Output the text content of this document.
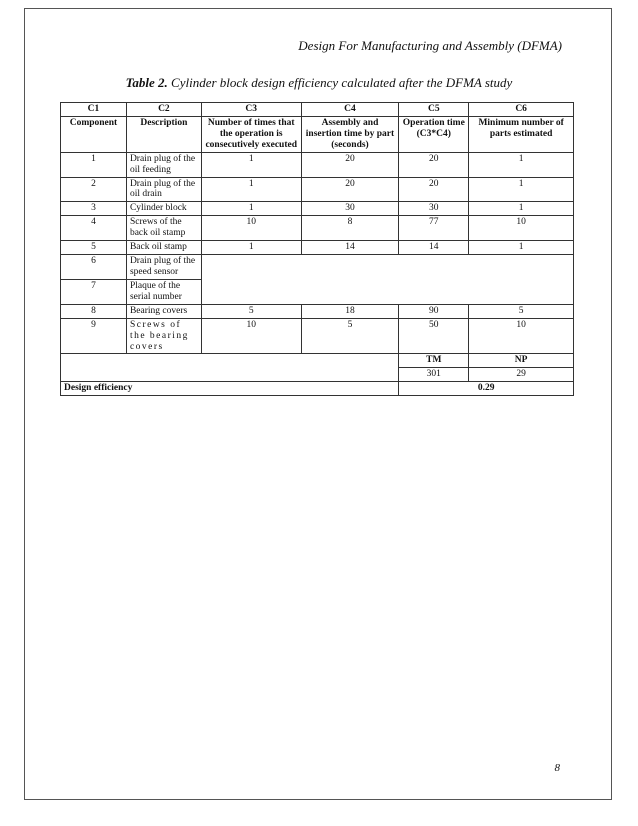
Design For Manufacturing and Assembly (DFMA)
Table 2. Cylinder block design efficiency calculated after the DFMA study
C1	C2	C3	C4	C5	C6
Component	Description	Number of times that the operation is consecutively executed	Assembly and insertion time by part (seconds)	Operation time (C3*C4)	Minimum number of parts estimated
1	Drain plug of the oil feeding	1	20	20	1
2	Drain plug of the oil drain	1	20	20	1
3	Cylinder block	1	30	30	1
4	Screws of the back oil stamp	10	8	77	10
5	Back oil stamp	1	14	14	1
6	Drain plug of the speed sensor				
7	Plaque of the serial number				
8	Bearing covers	5	18	90	5
9	Screws of the bearing covers	10	5	50	10
				TM	NP
				301	29
Design efficiency				0.29	
8
